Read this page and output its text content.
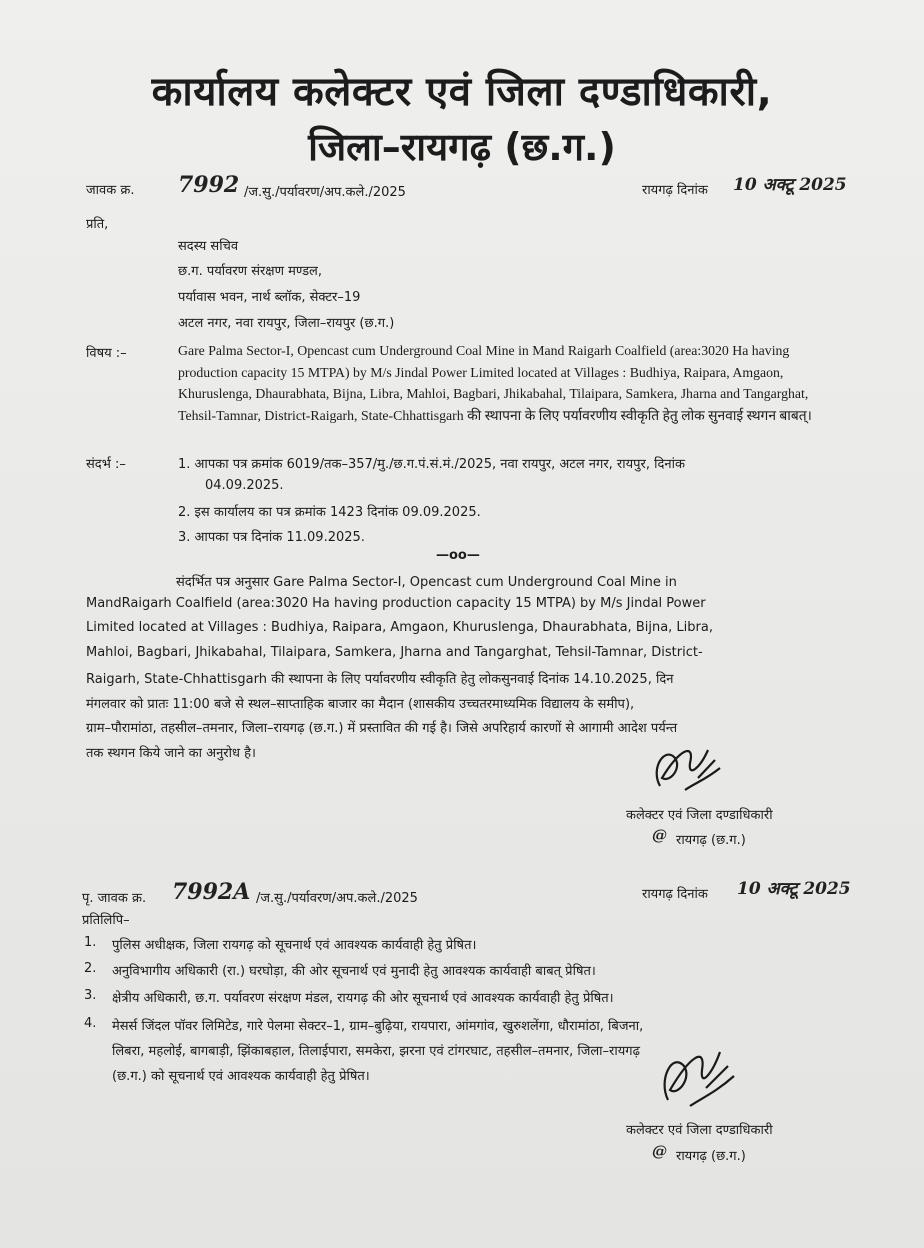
कार्यालय कलेक्टर एवं जिला दण्डाधिकारी,
जिला–रायगढ़ (छ.ग.)
जावक क्र. 7992 /ज.सु./पर्यावरण/अप.कले./2025	रायगढ़ दिनांक 10 अक्टू 2025
प्रति,
सदस्य सचिव
छ.ग. पर्यावरण संरक्षण मण्डल,
पर्यावास भवन, नार्थ ब्लॉक, सेक्टर–19
अटल नगर, नवा रायपुर, जिला–रायपुर (छ.ग.)
विषय :–	Gare Palma Sector-I, Opencast cum Underground Coal Mine in Mand Raigarh Coalfield (area:3020 Ha having production capacity 15 MTPA) by M/s Jindal Power Limited located at Villages : Budhiya, Raipara, Amgaon, Khuruslenga, Dhaurabhata, Bijna, Libra, Mahloi, Bagbari, Jhikabahal, Tilaipara, Samkera, Jharna and Tangarghat, Tehsil-Tamnar, District-Raigarh, State-Chhattisgarh की स्थापना के लिए पर्यावरणीय स्वीकृति हेतु लोक सुनवाई स्थगन बाबत्।
संदर्भ :–	1. आपका पत्र क्रमांक 6019/तक–357/मु./छ.ग.पं.सं.मं./2025, नवा रायपुर, अटल नगर, रायपुर, दिनांक
04.09.2025.
2. इस कार्यालय का पत्र क्रमांक 1423 दिनांक 09.09.2025.
3. आपका पत्र दिनांक 11.09.2025.
—oo—
संदर्भित पत्र अनुसार Gare Palma Sector-I, Opencast cum Underground Coal Mine in
MandRaigarh Coalfield (area:3020 Ha having production capacity 15 MTPA) by M/s Jindal Power
Limited located at Villages : Budhiya, Raipara, Amgaon, Khuruslenga, Dhaurabhata, Bijna, Libra,
Mahloi, Bagbari, Jhikabahal, Tilaipara, Samkera, Jharna and Tangarghat, Tehsil-Tamnar, District-
Raigarh, State-Chhattisgarh की स्थापना के लिए पर्यावरणीय स्वीकृति हेतु लोकसुनवाई दिनांक 14.10.2025, दिन
मंगलवार को प्रातः 11:00 बजे से स्थल–साप्ताहिक बाजार का मैदान (शासकीय उच्चतरमाध्यमिक विद्यालय के समीप),
ग्राम–पौरामांठा, तहसील–तमनार, जिला–रायगढ़ (छ.ग.) में प्रस्तावित की गई है। जिसे अपरिहार्य कारणों से आगामी आदेश पर्यन्त
तक स्थगन किये जाने का अनुरोध है।
कलेक्टर एवं जिला दण्डाधिकारी
@ रायगढ़ (छ.ग.)
पृ. जावक क्र. 7992A /ज.सु./पर्यावरण/अप.कले./2025	रायगढ़ दिनांक 10 अक्टू 2025
प्रतिलिपि–
1. पुलिस अधीक्षक, जिला रायगढ़ को सूचनार्थ एवं आवश्यक कार्यवाही हेतु प्रेषित।
2. अनुविभागीय अधिकारी (रा.) घरघोड़ा, की ओर सूचनार्थ एवं मुनादी हेतु आवश्यक कार्यवाही बाबत् प्रेषित।
3. क्षेत्रीय अधिकारी, छ.ग. पर्यावरण संरक्षण मंडल, रायगढ़ की ओर सूचनार्थ एवं आवश्यक कार्यवाही हेतु प्रेषित।
4. मेसर्स जिंदल पॉवर लिमिटेड, गारे पेलमा सेक्टर–1, ग्राम–बुढ़िया, रायपारा, आंमगांव, खुरुशलेंगा, धौरामांठा, बिजना,
लिबरा, महलोई, बागबाड़ी, झिंकाबहाल, तिलाईपारा, समकेरा, झरना एवं टांगरघाट, तहसील–तमनार, जिला–रायगढ़
(छ.ग.) को सूचनार्थ एवं आवश्यक कार्यवाही हेतु प्रेषित।
कलेक्टर एवं जिला दण्डाधिकारी
@ रायगढ़ (छ.ग.)
